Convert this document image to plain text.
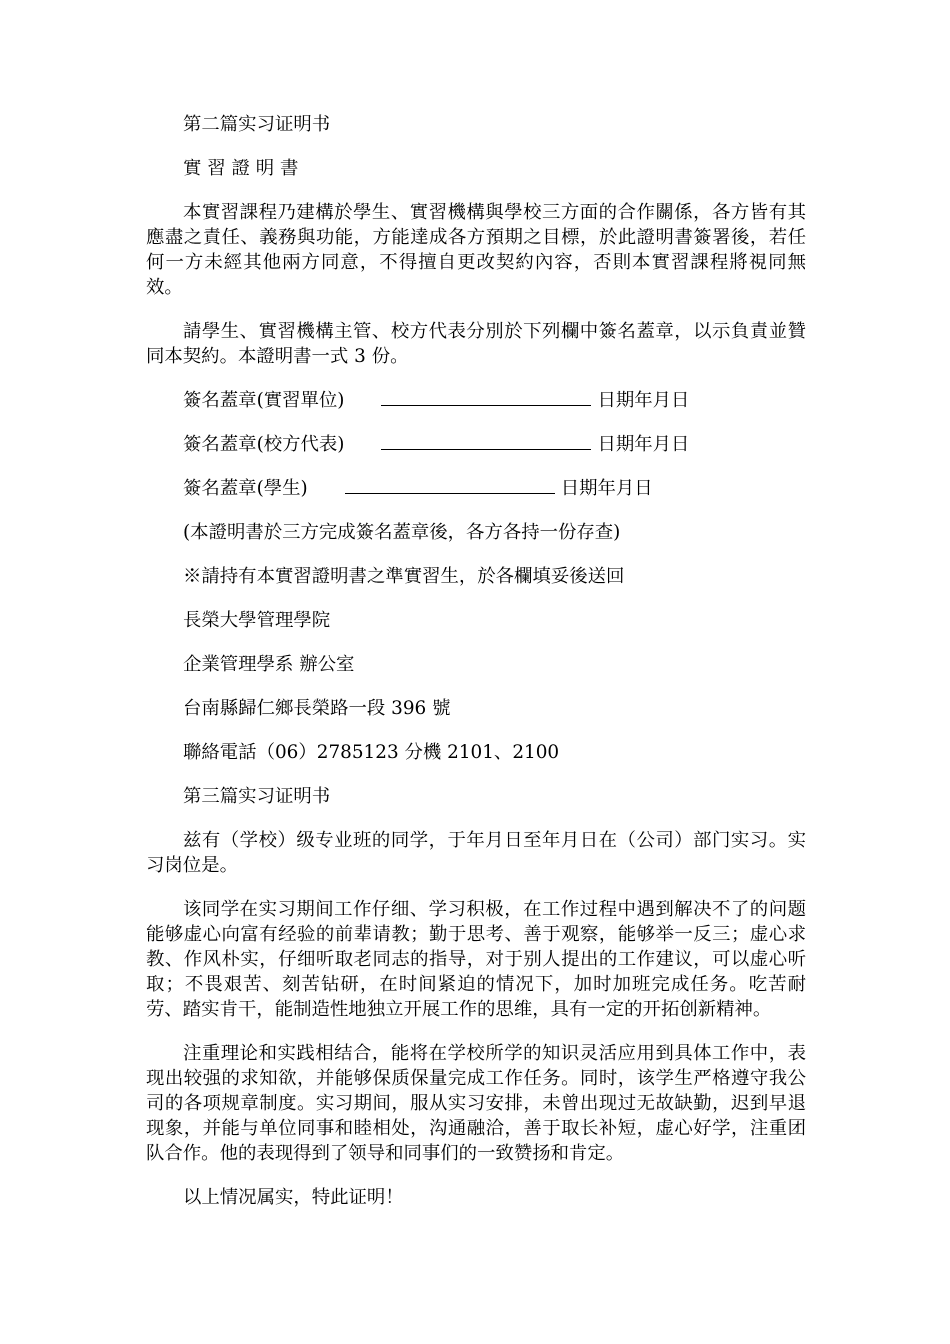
第二篇实习证明书

實 習 證 明 書

本實習課程乃建構於學生、實習機構與學校三方面的合作關係，各方皆有其應盡之責任、義務與功能，方能達成各方預期之目標，於此證明書簽署後，若任何一方未經其他兩方同意，不得擅自更改契約內容，否則本實習課程將視同無效。

請學生、實習機構主管、校方代表分別於下列欄中簽名蓋章，以示負責並贊同本契約。本證明書一式 3 份。

簽名蓋章(實習單位)	日期年月日

簽名蓋章(校方代表)	日期年月日

簽名蓋章(學生)	日期年月日

(本證明書於三方完成簽名蓋章後，各方各持一份存查)

※請持有本實習證明書之準實習生，於各欄填妥後送回

長榮大學管理學院

企業管理學系 辦公室

台南縣歸仁鄉長榮路一段 396 號

聯絡電話（06）2785123 分機 2101、2100

第三篇实习证明书

兹有（学校）级专业班的同学，于年月日至年月日在（公司）部门实习。实习岗位是。

该同学在实习期间工作仔细、学习积极，在工作过程中遇到解决不了的问题能够虚心向富有经验的前辈请教；勤于思考、善于观察，能够举一反三；虚心求教、作风朴实，仔细听取老同志的指导，对于别人提出的工作建议，可以虚心听取；不畏艰苦、刻苦钻研，在时间紧迫的情况下，加时加班完成任务。吃苦耐劳、踏实肯干，能制造性地独立开展工作的思维，具有一定的开拓创新精神。

注重理论和实践相结合，能将在学校所学的知识灵活应用到具体工作中，表现出较强的求知欲，并能够保质保量完成工作任务。同时，该学生严格遵守我公司的各项规章制度。实习期间，服从实习安排，未曾出现过无故缺勤，迟到早退现象，并能与单位同事和睦相处，沟通融洽，善于取长补短，虚心好学，注重团队合作。他的表现得到了领导和同事们的一致赞扬和肯定。

以上情况属实，特此证明！
